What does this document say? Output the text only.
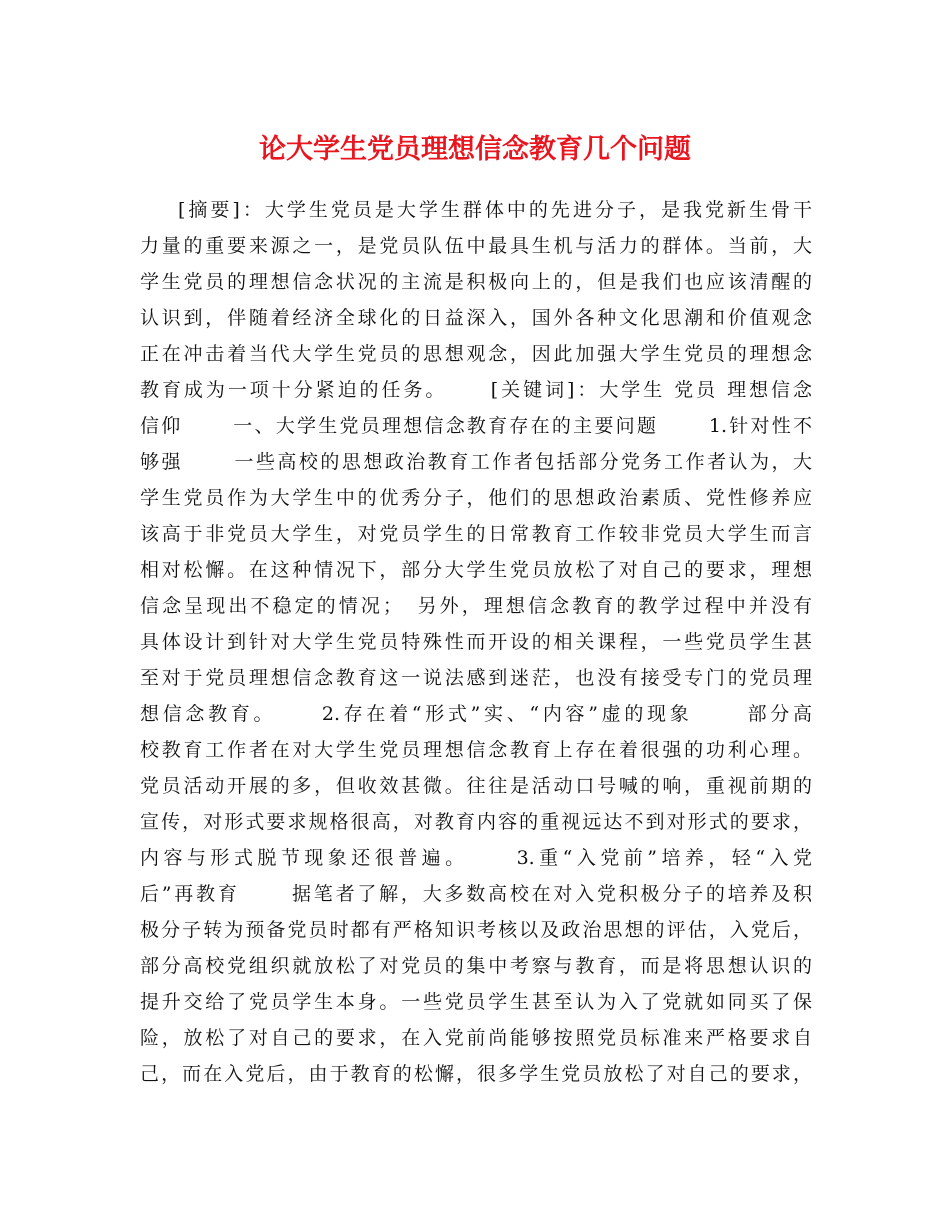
论大学生党员理想信念教育几个问题
[摘要]：大学生党员是大学生群体中的先进分子，是我党新生骨干
力量的重要来源之一，是党员队伍中最具生机与活力的群体。当前，大
学生党员的理想信念状况的主流是积极向上的，但是我们也应该清醒的
认识到，伴随着经济全球化的日益深入，国外各种文化思潮和价值观念
正在冲击着当代大学生党员的思想观念，因此加强大学生党员的理想念
教育成为一项十分紧迫的任务。　　 [关键词]：大学生 党员 理想信念
信仰　　 一、大学生党员理想信念教育存在的主要问题　　 1.针对性不
够强　　 一些高校的思想政治教育工作者包括部分党务工作者认为，大
学生党员作为大学生中的优秀分子，他们的思想政治素质、党性修养应
该高于非党员大学生，对党员学生的日常教育工作较非党员大学生而言
相对松懈。在这种情况下，部分大学生党员放松了对自己的要求，理想
信念呈现出不稳定的情况；　另外，理想信念教育的教学过程中并没有
具体设计到针对大学生党员特殊性而开设的相关课程，一些党员学生甚
至对于党员理想信念教育这一说法感到迷茫，也没有接受专门的党员理
想信念教育。　　 2.存在着“形式”实、“内容”虚的现象　　 部分高
校教育工作者在对大学生党员理想信念教育上存在着很强的功利心理。
党员活动开展的多，但收效甚微。往往是活动口号喊的响，重视前期的
宣传，对形式要求规格很高，对教育内容的重视远达不到对形式的要求，
内容与形式脱节现象还很普遍。　　 3.重“入党前”培养，轻“入党
后”再教育　　 据笔者了解，大多数高校在对入党积极分子的培养及积
极分子转为预备党员时都有严格知识考核以及政治思想的评估，入党后，
部分高校党组织就放松了对党员的集中考察与教育，而是将思想认识的
提升交给了党员学生本身。一些党员学生甚至认为入了党就如同买了保
险，放松了对自己的要求，在入党前尚能够按照党员标准来严格要求自
己，而在入党后，由于教育的松懈，很多学生党员放松了对自己的要求，
